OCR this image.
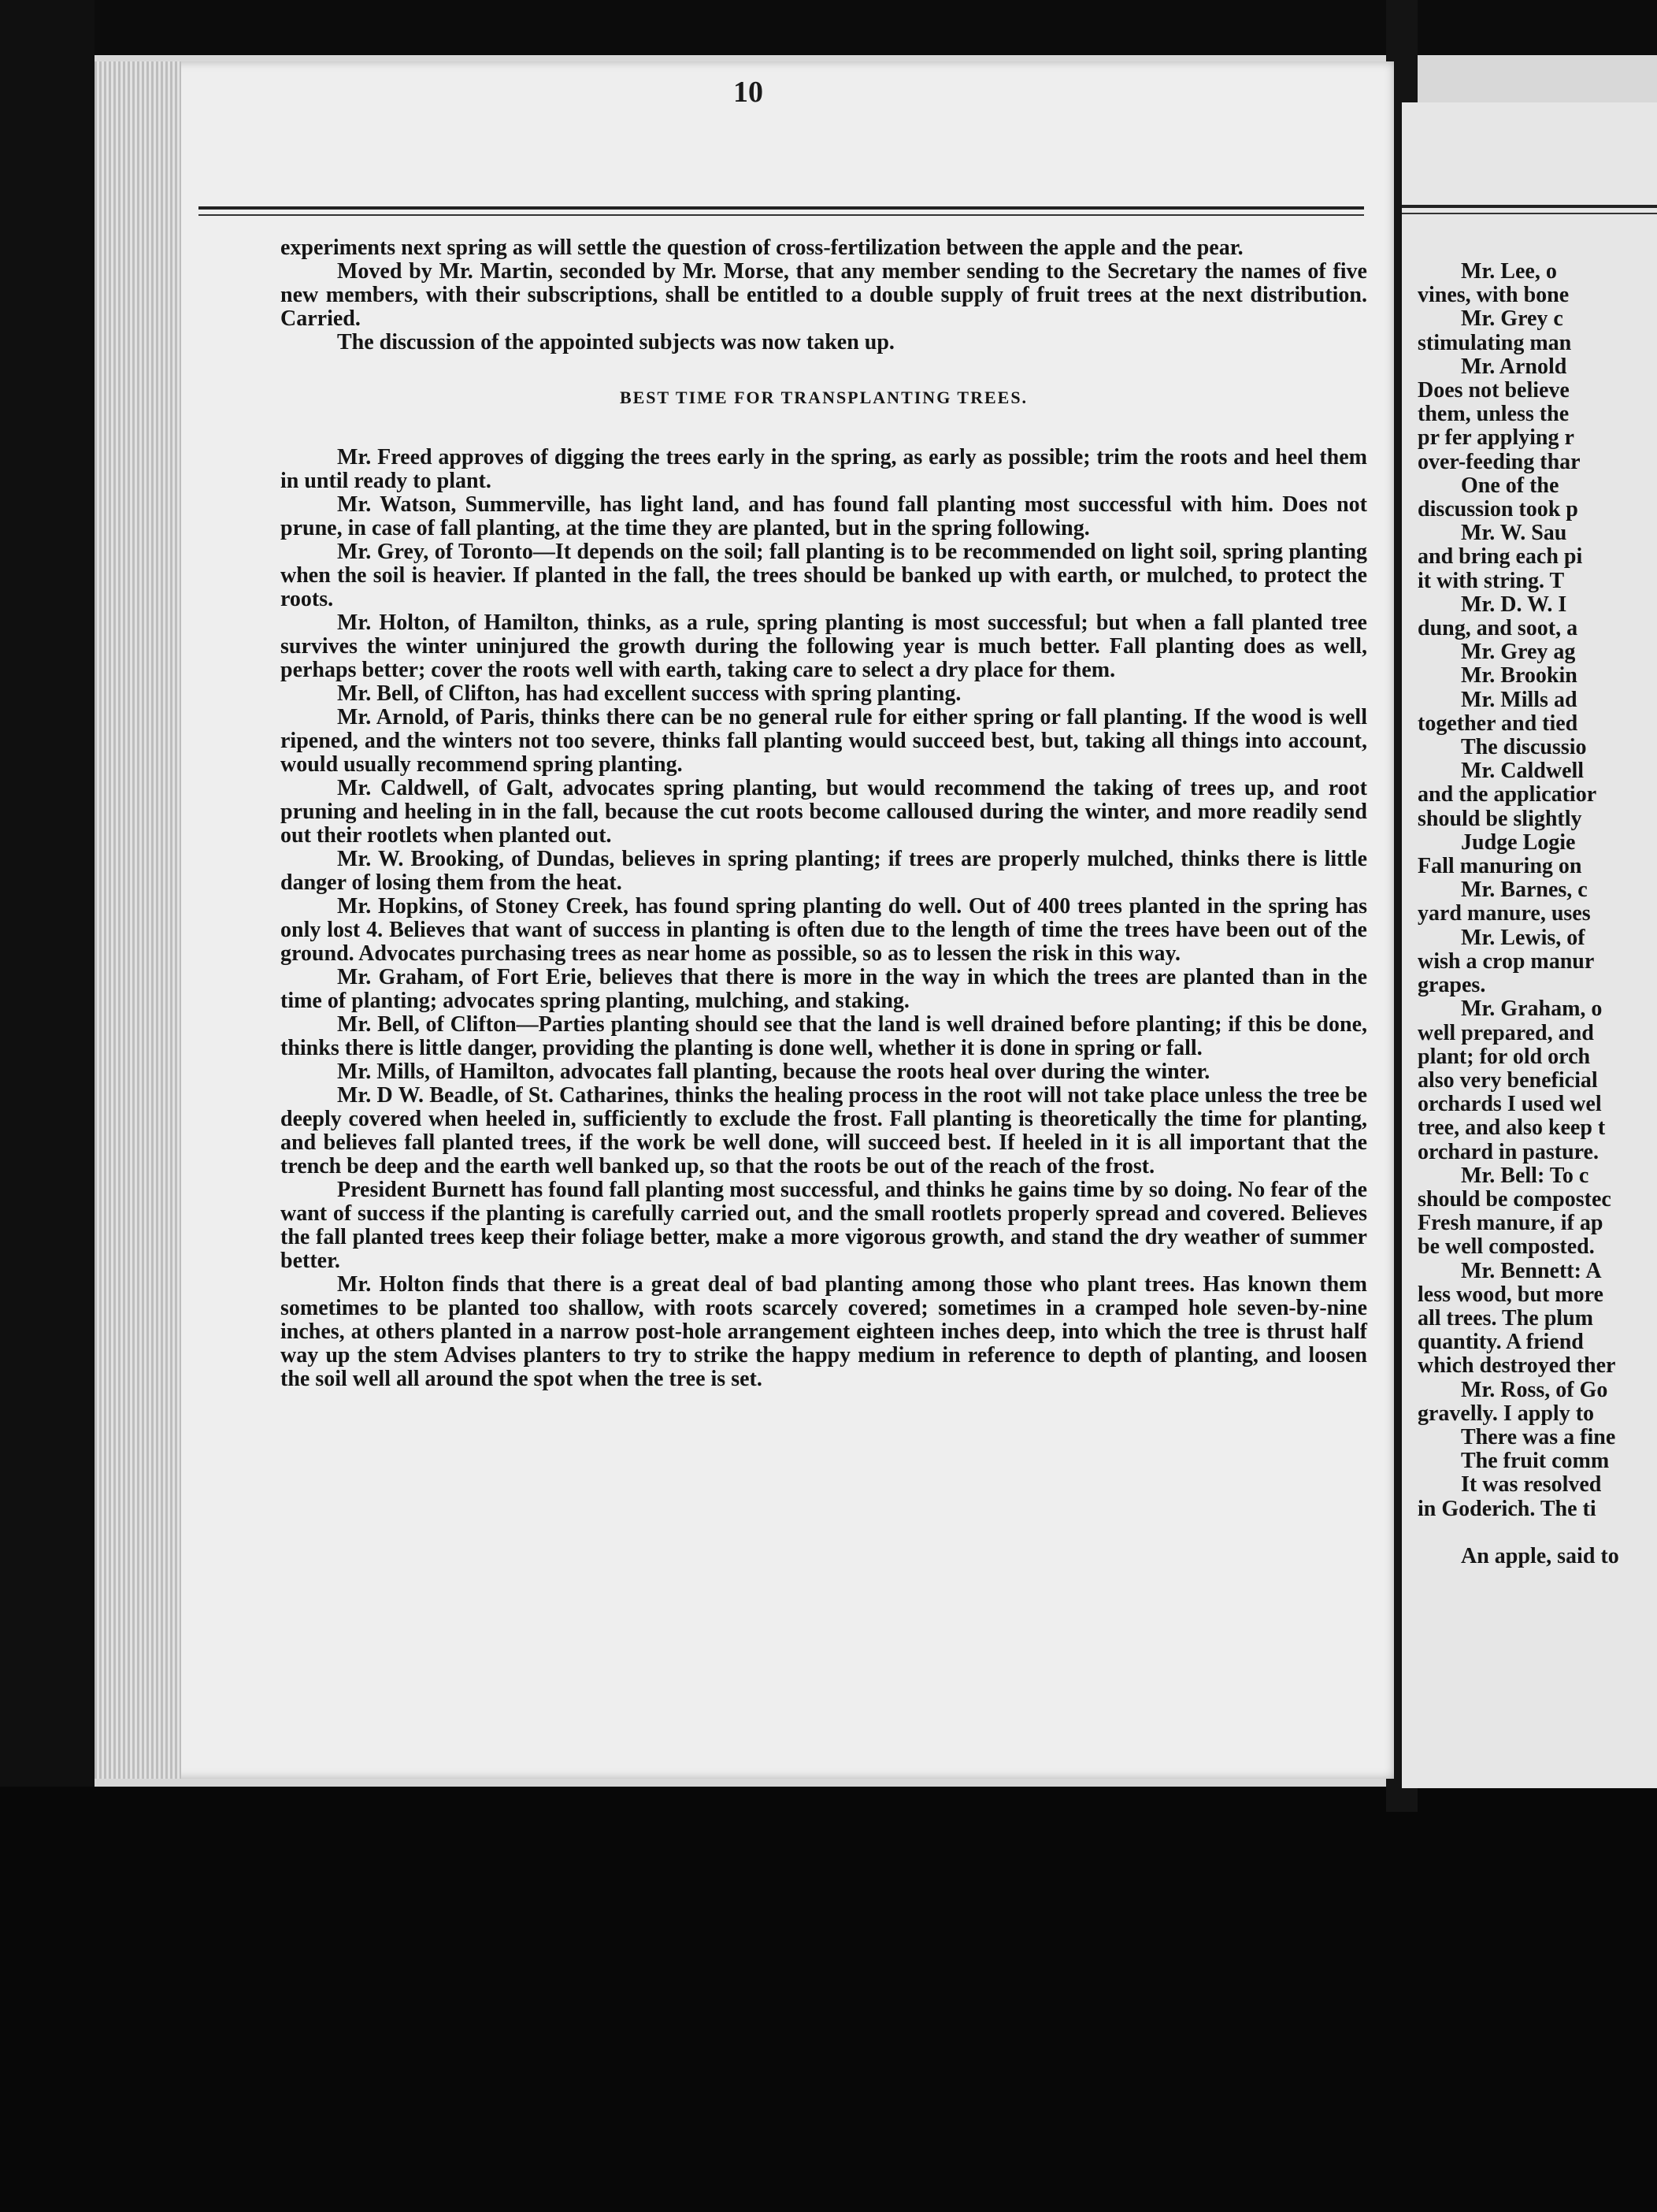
10

experiments next spring as will settle the question of cross-fertilization between the apple and the pear.

Moved by Mr. Martin, seconded by Mr. Morse, that any member sending to the Secretary the names of five new members, with their subscriptions, shall be entitled to a double supply of fruit trees at the next distribution. Carried.

The discussion of the appointed subjects was now taken up.

BEST TIME FOR TRANSPLANTING TREES.

Mr. Freed approves of digging the trees early in the spring, as early as possible; trim the roots and heel them in until ready to plant.

Mr. Watson, Summerville, has light land, and has found fall planting most successful with him. Does not prune, in case of fall planting, at the time they are planted, but in the spring following.

Mr. Grey, of Toronto—It depends on the soil; fall planting is to be recommended on light soil, spring planting when the soil is heavier. If planted in the fall, the trees should be banked up with earth, or mulched, to protect the roots.

Mr. Holton, of Hamilton, thinks, as a rule, spring planting is most successful; but when a fall planted tree survives the winter uninjured the growth during the following year is much better. Fall planting does as well, perhaps better; cover the roots well with earth, taking care to select a dry place for them.

Mr. Bell, of Clifton, has had excellent success with spring planting.

Mr. Arnold, of Paris, thinks there can be no general rule for either spring or fall planting. If the wood is well ripened, and the winters not too severe, thinks fall planting would succeed best, but, taking all things into account, would usually recommend spring planting.

Mr. Caldwell, of Galt, advocates spring planting, but would recommend the taking of trees up, and root pruning and heeling in in the fall, because the cut roots become calloused during the winter, and more readily send out their rootlets when planted out.

Mr. W. Brooking, of Dundas, believes in spring planting; if trees are properly mulched, thinks there is little danger of losing them from the heat.

Mr. Hopkins, of Stoney Creek, has found spring planting do well. Out of 400 trees planted in the spring has only lost 4. Believes that want of success in planting is often due to the length of time the trees have been out of the ground. Advocates purchasing trees as near home as possible, so as to lessen the risk in this way.

Mr. Graham, of Fort Erie, believes that there is more in the way in which the trees are planted than in the time of planting; advocates spring planting, mulching, and staking.

Mr. Bell, of Clifton—Parties planting should see that the land is well drained before planting; if this be done, thinks there is little danger, providing the planting is done well, whether it is done in spring or fall.

Mr. Mills, of Hamilton, advocates fall planting, because the roots heal over during the winter.

Mr. D W. Beadle, of St. Catharines, thinks the healing process in the root will not take place unless the tree be deeply covered when heeled in, sufficiently to exclude the frost. Fall planting is theoretically the time for planting, and believes fall planted trees, if the work be well done, will succeed best. If heeled in it is all important that the trench be deep and the earth well banked up, so that the roots be out of the reach of the frost.

President Burnett has found fall planting most successful, and thinks he gains time by so doing. No fear of the want of success if the planting is carefully carried out, and the small rootlets properly spread and covered. Believes the fall planted trees keep their foliage better, make a more vigorous growth, and stand the dry weather of summer better.

Mr. Holton finds that there is a great deal of bad planting among those who plant trees. Has known them sometimes to be planted too shallow, with roots scarcely covered; sometimes in a cramped hole seven-by-nine inches, at others planted in a narrow post-hole arrangement eighteen inches deep, into which the tree is thrust half way up the stem Advises planters to try to strike the happy medium in reference to depth of planting, and loosen the soil well all around the spot when the tree is set.

Mr. Lee, o
vines, with bone
Mr. Grey c
stimulating man
Mr. Arnold
Does not believe
them, unless the
pr fer applying r
over-feeding thar
One of the
discussion took p
Mr. W. Sau
and bring each pi
it with string. T
Mr. D. W. I
dung, and soot, a
Mr. Grey ag
Mr. Brookin
Mr. Mills ad
together and tied
The discussio
Mr. Caldwell
and the applicatior
should be slightly
Judge Logie
Fall manuring on
Mr. Barnes, c
yard manure, uses
Mr. Lewis, of
wish a crop manur
grapes.
Mr. Graham, o
well prepared, and
plant; for old orch
also very beneficial
orchards I used wel
tree, and also keep t
orchard in pasture.
Mr. Bell: To c
should be compostec
Fresh manure, if ap
be well composted.
Mr. Bennett: A
less wood, but more
all trees. The plum
quantity. A friend
which destroyed ther
Mr. Ross, of Go
gravelly. I apply to
There was a fine
The fruit comm
It was resolved
in Goderich. The ti

An apple, said to
